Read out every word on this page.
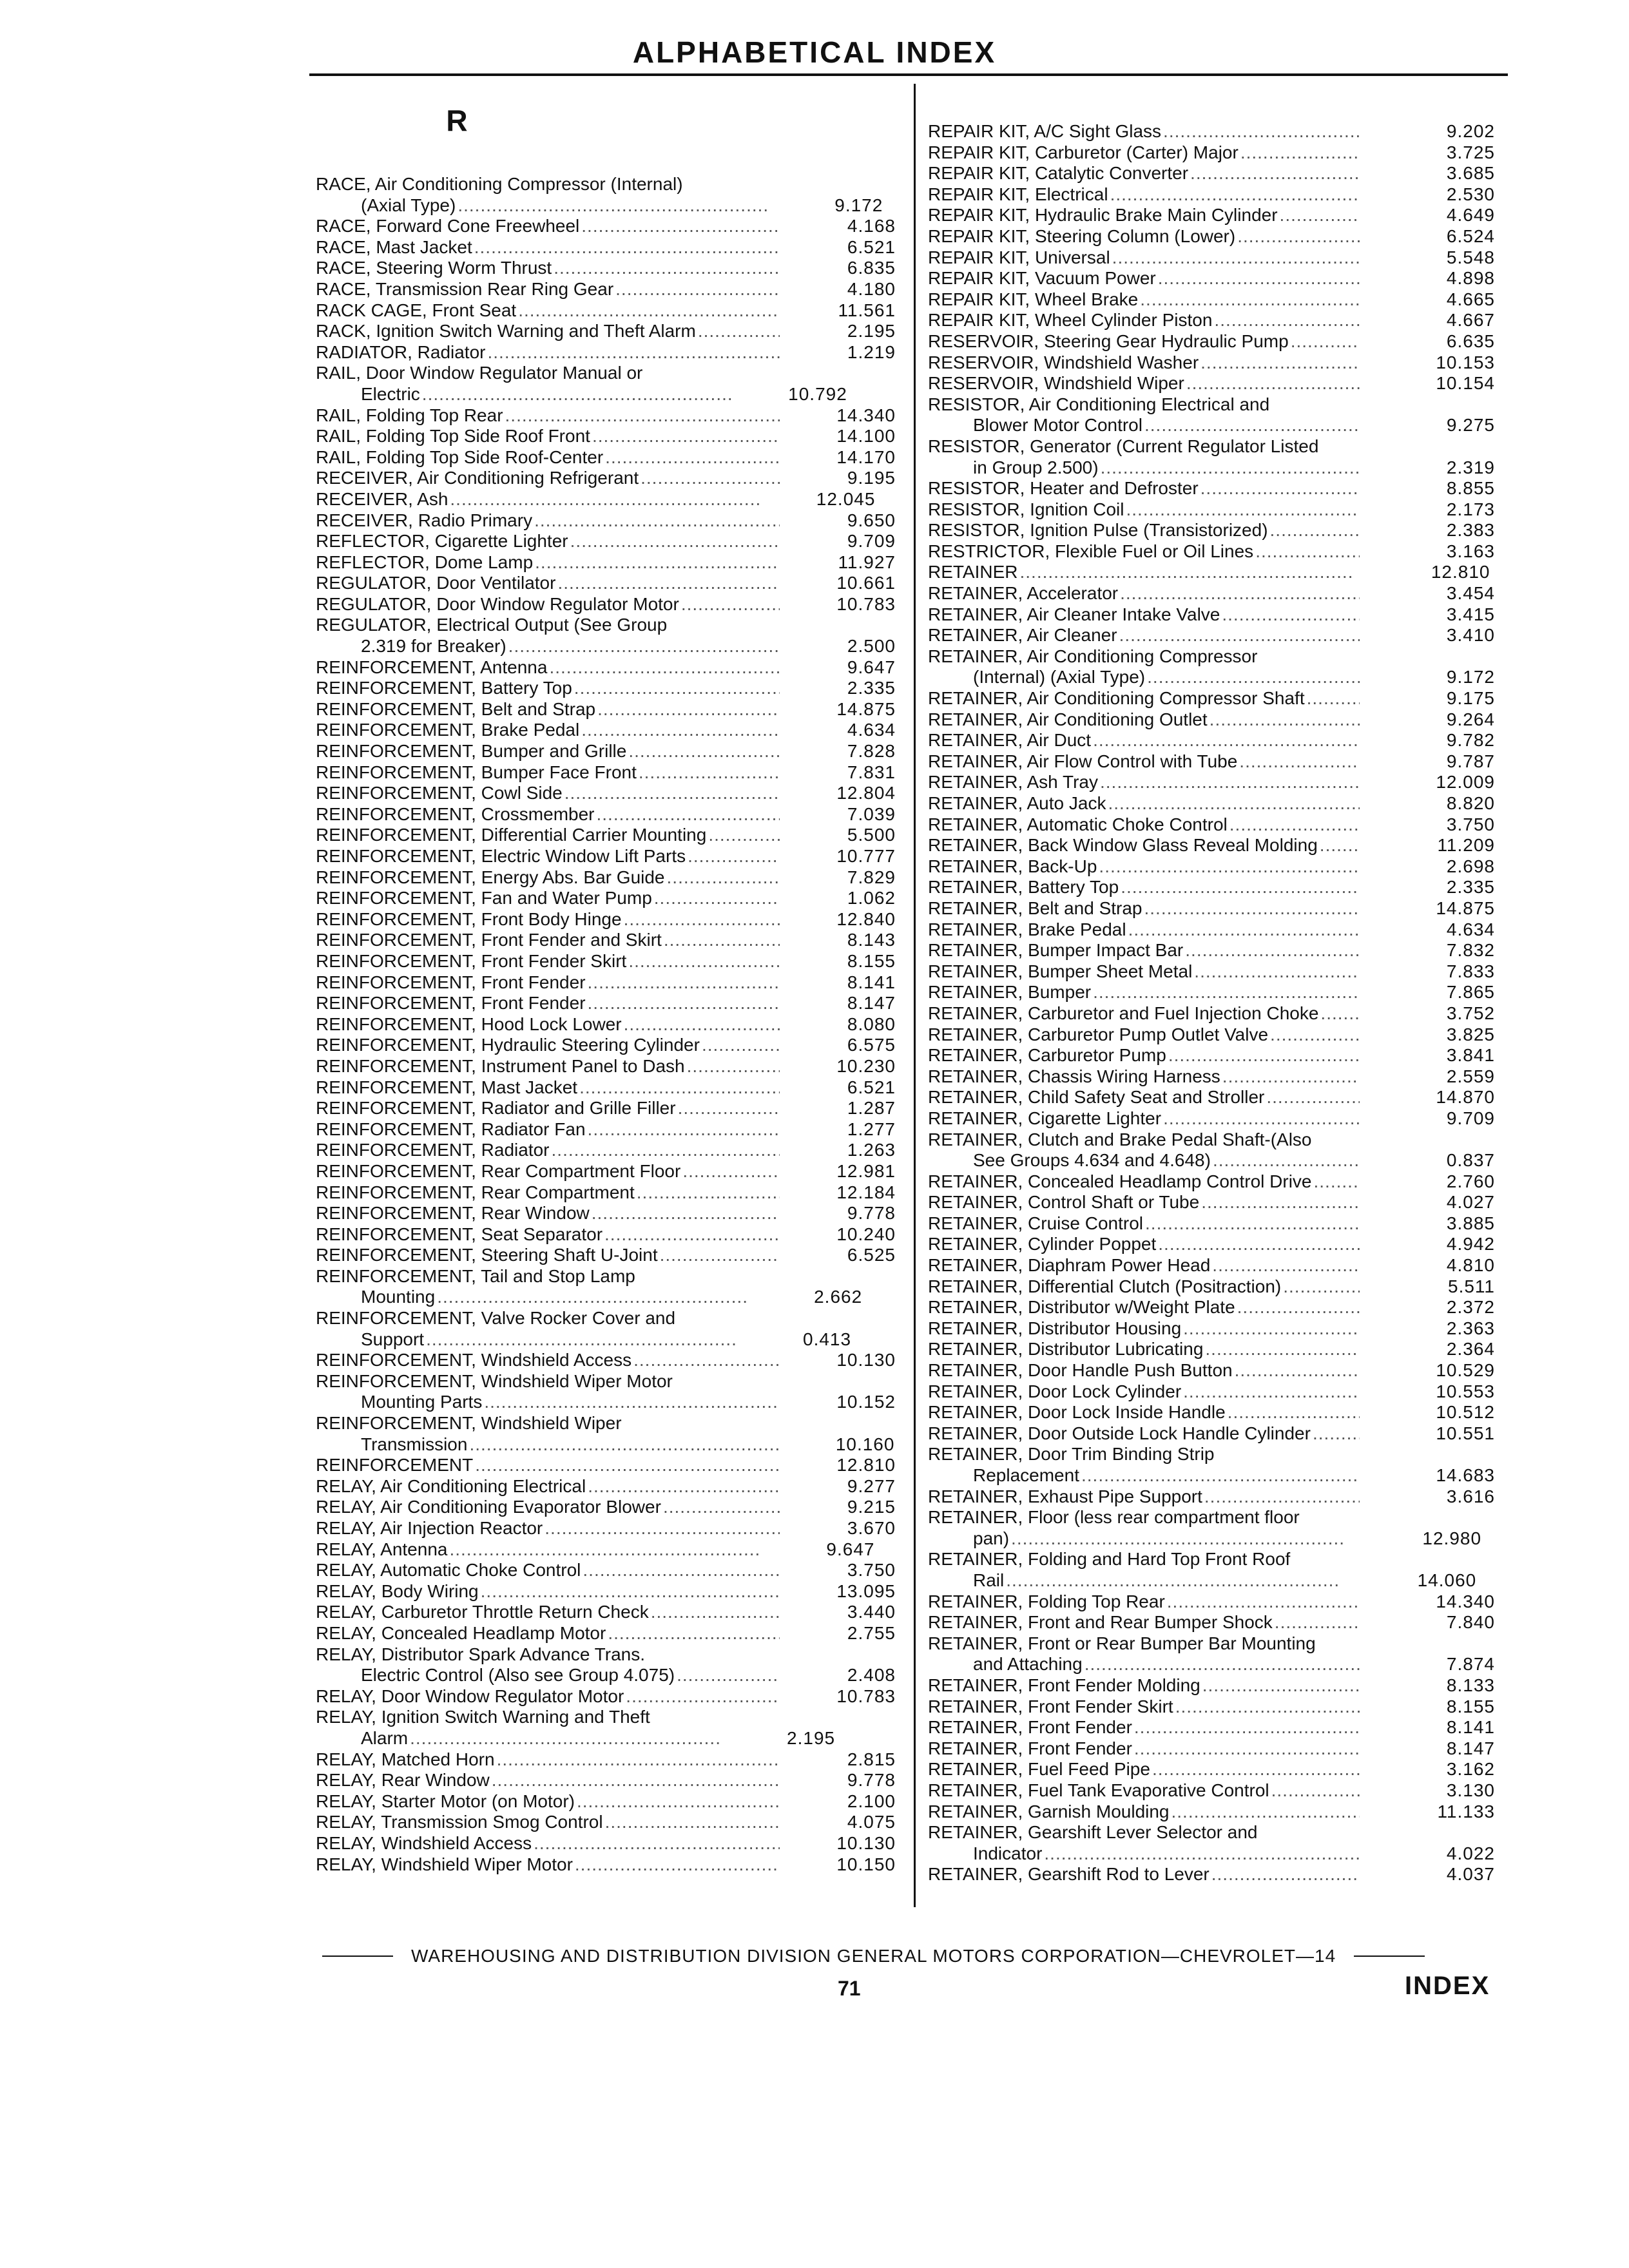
ALPHABETICAL INDEX
R
RACE, Air Conditioning Compressor (Internal)
(Axial Type) .....	9.172
RACE, Forward Cone Freewheel .....	4.168
RACE, Mast Jacket .....	6.521
RACE, Steering Worm Thrust .....	6.835
RACE, Transmission Rear Ring Gear .....	4.180
RACK CAGE, Front Seat .....	11.561
RACK, Ignition Switch Warning and Theft Alarm .....	2.195
RADIATOR, Radiator .....	1.219
RAIL, Door Window Regulator Manual or
Electric .....	10.792
RAIL, Folding Top Rear .....	14.340
RAIL, Folding Top Side Roof Front .....	14.100
RAIL, Folding Top Side Roof-Center .....	14.170
RECEIVER, Air Conditioning Refrigerant .....	9.195
RECEIVER, Ash .....	12.045
RECEIVER, Radio Primary .....	9.650
REFLECTOR, Cigarette Lighter .....	9.709
REFLECTOR, Dome Lamp .....	11.927
REGULATOR, Door Ventilator .....	10.661
REGULATOR, Door Window Regulator Motor .....	10.783
REGULATOR, Electrical Output (See Group
2.319 for Breaker) .....	2.500
REINFORCEMENT, Antenna .....	9.647
REINFORCEMENT, Battery Top .....	2.335
REINFORCEMENT, Belt and Strap .....	14.875
REINFORCEMENT, Brake Pedal .....	4.634
REINFORCEMENT, Bumper and Grille .....	7.828
REINFORCEMENT, Bumper Face Front .....	7.831
REINFORCEMENT, Cowl Side .....	12.804
REINFORCEMENT, Crossmember .....	7.039
REINFORCEMENT, Differential Carrier Mounting .....	5.500
REINFORCEMENT, Electric Window Lift Parts .....	10.777
REINFORCEMENT, Energy Abs. Bar Guide .....	7.829
REINFORCEMENT, Fan and Water Pump .....	1.062
REINFORCEMENT, Front Body Hinge .....	12.840
REINFORCEMENT, Front Fender and Skirt .....	8.143
REINFORCEMENT, Front Fender Skirt .....	8.155
REINFORCEMENT, Front Fender .....	8.141
REINFORCEMENT, Front Fender .....	8.147
REINFORCEMENT, Hood Lock Lower .....	8.080
REINFORCEMENT, Hydraulic Steering Cylinder .....	6.575
REINFORCEMENT, Instrument Panel to Dash .....	10.230
REINFORCEMENT, Mast Jacket .....	6.521
REINFORCEMENT, Radiator and Grille Filler .....	1.287
REINFORCEMENT, Radiator Fan .....	1.277
REINFORCEMENT, Radiator .....	1.263
REINFORCEMENT, Rear Compartment Floor .....	12.981
REINFORCEMENT, Rear Compartment .....	12.184
REINFORCEMENT, Rear Window .....	9.778
REINFORCEMENT, Seat Separator .....	10.240
REINFORCEMENT, Steering Shaft U-Joint .....	6.525
REINFORCEMENT, Tail and Stop Lamp
Mounting .....	2.662
REINFORCEMENT, Valve Rocker Cover and
Support .....	0.413
REINFORCEMENT, Windshield Access .....	10.130
REINFORCEMENT, Windshield Wiper Motor
Mounting Parts .....	10.152
REINFORCEMENT, Windshield Wiper
Transmission .....	10.160
REINFORCEMENT .....	12.810
RELAY, Air Conditioning Electrical .....	9.277
RELAY, Air Conditioning Evaporator Blower .....	9.215
RELAY, Air Injection Reactor .....	3.670
RELAY, Antenna .....	9.647
RELAY, Automatic Choke Control .....	3.750
RELAY, Body Wiring .....	13.095
RELAY, Carburetor Throttle Return Check .....	3.440
RELAY, Concealed Headlamp Motor .....	2.755
RELAY, Distributor Spark Advance Trans.
Electric Control (Also see Group 4.075) .....	2.408
RELAY, Door Window Regulator Motor .....	10.783
RELAY, Ignition Switch Warning and Theft
Alarm .....	2.195
RELAY, Matched Horn .....	2.815
RELAY, Rear Window .....	9.778
RELAY, Starter Motor (on Motor) .....	2.100
RELAY, Transmission Smog Control .....	4.075
RELAY, Windshield Access .....	10.130
RELAY, Windshield Wiper Motor .....	10.150
REPAIR KIT, A/C Sight Glass .....	9.202
REPAIR KIT, Carburetor (Carter) Major .....	3.725
REPAIR KIT, Catalytic Converter .....	3.685
REPAIR KIT, Electrical .....	2.530
REPAIR KIT, Hydraulic Brake Main Cylinder .....	4.649
REPAIR KIT, Steering Column (Lower) .....	6.524
REPAIR KIT, Universal .....	5.548
REPAIR KIT, Vacuum Power .....	4.898
REPAIR KIT, Wheel Brake .....	4.665
REPAIR KIT, Wheel Cylinder Piston .....	4.667
RESERVOIR, Steering Gear Hydraulic Pump .....	6.635
RESERVOIR, Windshield Washer .....	10.153
RESERVOIR, Windshield Wiper .....	10.154
RESISTOR, Air Conditioning Electrical and
Blower Motor Control .....	9.275
RESISTOR, Generator (Current Regulator Listed
in Group 2.500) .....	2.319
RESISTOR, Heater and Defroster .....	8.855
RESISTOR, Ignition Coil .....	2.173
RESISTOR, Ignition Pulse (Transistorized) .....	2.383
RESTRICTOR, Flexible Fuel or Oil Lines .....	3.163
RETAINER .....	12.810
RETAINER, Accelerator .....	3.454
RETAINER, Air Cleaner Intake Valve .....	3.415
RETAINER, Air Cleaner .....	3.410
RETAINER, Air Conditioning Compressor
(Internal) (Axial Type) .....	9.172
RETAINER, Air Conditioning Compressor Shaft .....	9.175
RETAINER, Air Conditioning Outlet .....	9.264
RETAINER, Air Duct .....	9.782
RETAINER, Air Flow Control with Tube .....	9.787
RETAINER, Ash Tray .....	12.009
RETAINER, Auto Jack .....	8.820
RETAINER, Automatic Choke Control .....	3.750
RETAINER, Back Window Glass Reveal Molding .....	11.209
RETAINER, Back-Up .....	2.698
RETAINER, Battery Top .....	2.335
RETAINER, Belt and Strap .....	14.875
RETAINER, Brake Pedal .....	4.634
RETAINER, Bumper Impact Bar .....	7.832
RETAINER, Bumper Sheet Metal .....	7.833
RETAINER, Bumper .....	7.865
RETAINER, Carburetor and Fuel Injection Choke .....	3.752
RETAINER, Carburetor Pump Outlet Valve .....	3.825
RETAINER, Carburetor Pump .....	3.841
RETAINER, Chassis Wiring Harness .....	2.559
RETAINER, Child Safety Seat and Stroller .....	14.870
RETAINER, Cigarette Lighter .....	9.709
RETAINER, Clutch and Brake Pedal Shaft-(Also
See Groups 4.634 and 4.648) .....	0.837
RETAINER, Concealed Headlamp Control Drive .....	2.760
RETAINER, Control Shaft or Tube .....	4.027
RETAINER, Cruise Control .....	3.885
RETAINER, Cylinder Poppet .....	4.942
RETAINER, Diaphram Power Head .....	4.810
RETAINER, Differential Clutch (Positraction) .....	5.511
RETAINER, Distributor w/Weight Plate .....	2.372
RETAINER, Distributor Housing .....	2.363
RETAINER, Distributor Lubricating .....	2.364
RETAINER, Door Handle Push Button .....	10.529
RETAINER, Door Lock Cylinder .....	10.553
RETAINER, Door Lock Inside Handle .....	10.512
RETAINER, Door Outside Lock Handle Cylinder .....	10.551
RETAINER, Door Trim Binding Strip
Replacement .....	14.683
RETAINER, Exhaust Pipe Support .....	3.616
RETAINER, Floor (less rear compartment floor
pan) .....	12.980
RETAINER, Folding and Hard Top Front Roof
Rail .....	14.060
RETAINER, Folding Top Rear .....	14.340
RETAINER, Front and Rear Bumper Shock .....	7.840
RETAINER, Front or Rear Bumper Bar Mounting
and Attaching .....	7.874
RETAINER, Front Fender Molding .....	8.133
RETAINER, Front Fender Skirt .....	8.155
RETAINER, Front Fender .....	8.141
RETAINER, Front Fender .....	8.147
RETAINER, Fuel Feed Pipe .....	3.162
RETAINER, Fuel Tank Evaporative Control .....	3.130
RETAINER, Garnish Moulding .....	11.133
RETAINER, Gearshift Lever Selector and
Indicator .....	4.022
RETAINER, Gearshift Rod to Lever .....	4.037
WAREHOUSING AND DISTRIBUTION DIVISION GENERAL MOTORS CORPORATION—CHEVROLET—14
71	INDEX
